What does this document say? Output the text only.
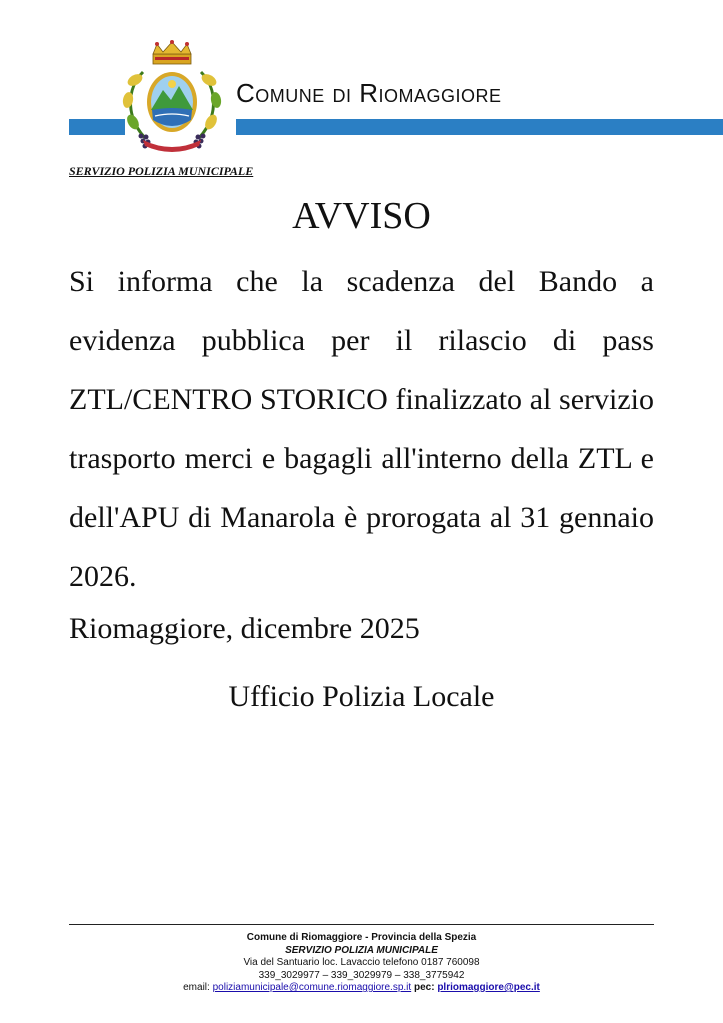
Comune di Riomaggiore
SERVIZIO POLIZIA MUNICIPALE
AVVISO
Si informa che la scadenza del Bando a evidenza pubblica per il rilascio di pass ZTL/CENTRO STORICO finalizzato al servizio trasporto merci e bagagli all'interno della ZTL e dell'APU di Manarola è prorogata al 31 gennaio 2026.
Riomaggiore, dicembre 2025
Ufficio Polizia Locale
Comune di Riomaggiore - Provincia della Spezia
SERVIZIO POLIZIA MUNICIPALE
Via del Santuario loc. Lavaccio telefono 0187 760098
339_3029977 – 339_3029979 – 338_3775942
email: poliziamunicipale@comune.riomaggiore.sp.it pec: plriomaggiore@pec.it
